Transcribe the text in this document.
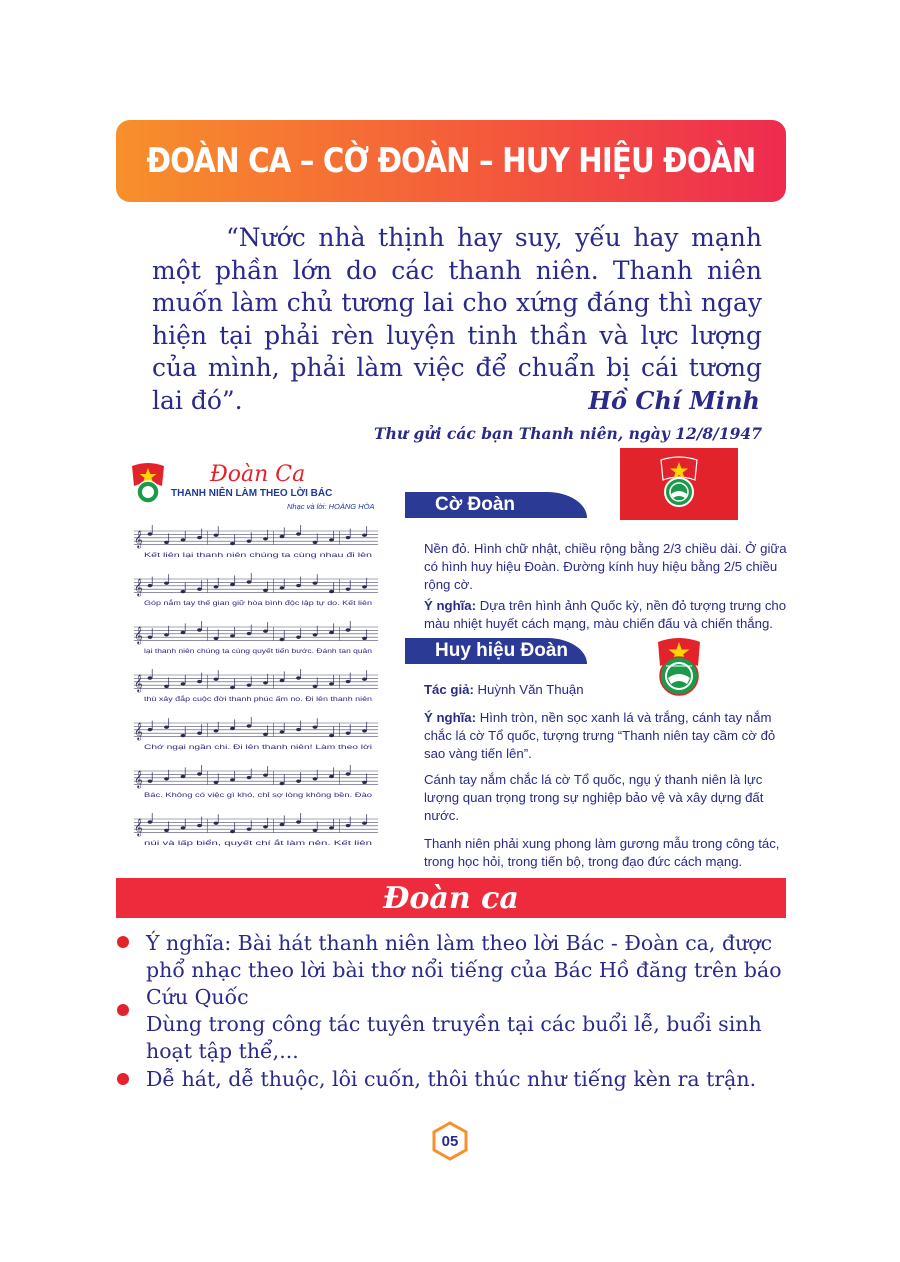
ĐOÀN CA – CỜ ĐOÀN – HUY HIỆU ĐOÀN

“Nước nhà thịnh hay suy, yếu hay mạnh một phần lớn do các thanh niên. Thanh niên muốn làm chủ tương lai cho xứng đáng thì ngay hiện tại phải rèn luyện tinh thần và lực lượng của mình, phải làm việc để chuẩn bị cái tương lai đó”.	Hồ Chí Minh
Thư gửi các bạn Thanh niên, ngày 12/8/1947
𝄞
𝄞
𝄞
𝄞
𝄞
𝄞
𝄞
Kết liên lại thanh niên chúng ta cùng nhau đi lên
Góp nắm tay thế gian giữ hòa bình độc lập tự do. Kết liên
lại thanh niên chúng ta cùng quyết tiến bước. Đánh tan quân
thù xây đắp cuộc đời thanh phúc ấm no. Đi lên thanh niên
Chớ ngại ngần chi. Đi lên thanh niên! Làm theo lời
Bác. Không có việc gì khó, chỉ sợ lòng không bền. Đào
núi và lấp biển, quyết chí ắt làm nên. Kết liên
Đoàn Ca
THANH NIÊN LÀM THEO LỜI BÁC
Nhạc và lời: HOÀNG HÒA	Cờ Đoàn

Nền đỏ. Hình chữ nhật, chiều rộng bằng 2/3 chiều dài. Ở giữa có hình huy hiệu Đoàn. Đường kính huy hiệu bằng 2/5 chiều rộng cờ.

Ý nghĩa: Dựa trên hình ảnh Quốc kỳ, nền đỏ tượng trưng cho màu nhiệt huyết cách mạng, màu chiến đấu và chiến thắng.

Huy hiệu Đoàn

Tác giả: Huỳnh Văn Thuận

Ý nghĩa: Hình tròn, nền sọc xanh lá và trắng, cánh tay nắm chắc lá cờ Tổ quốc, tượng trưng “Thanh niên tay cầm cờ đỏ sao vàng tiến lên”.

Cánh tay nắm chắc lá cờ Tổ quốc, ngụ ý thanh niên là lực lượng quan trọng trong sự nghiệp bảo vệ và xây dựng đất nước.

Thanh niên phải xung phong làm gương mẫu trong công tác, trong học hỏi, trong tiến bộ, trong đạo đức cách mạng.

Đoàn ca

Ý nghĩa: Bài hát thanh niên làm theo lời Bác - Đoàn ca, được phổ nhạc theo lời bài thơ nổi tiếng của Bác Hồ đăng trên báo Cứu Quốc

Dùng trong công tác tuyên truyền tại các buổi lễ, buổi sinh hoạt tập thể,...

Dễ hát, dễ thuộc, lôi cuốn, thôi thúc như tiếng kèn ra trận.

05
